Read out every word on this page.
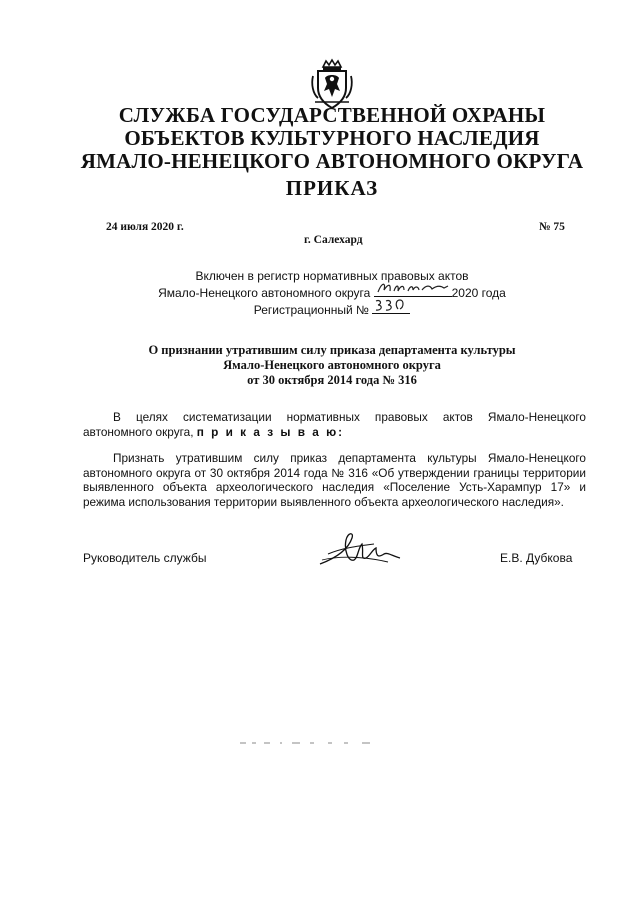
СЛУЖБА ГОСУДАРСТВЕННОЙ ОХРАНЫ
ОБЪЕКТОВ КУЛЬТУРНОГО НАСЛЕДИЯ
ЯМАЛО-НЕНЕЦКОГО АВТОНОМНОГО ОКРУГА
ПРИКАЗ
24 июля 2020 г.	№ 75
г. Салехард
Включен в регистр нормативных правовых актов
Ямало-Ненецкого автономного округа	2020 года
Регистрационный №
О признании утратившим силу приказа департамента культуры
Ямало-Ненецкого автономного округа
от 30 октября 2014 года № 316
В целях систематизации нормативных правовых актов Ямало-Ненецкого автономного округа, п р и к а з ы в а ю:
Признать утратившим силу приказ департамента культуры Ямало-Ненецкого автономного округа от 30 октября 2014 года № 316 «Об утверждении границы территории выявленного объекта археологического наследия «Поселение Усть-Харампур 17» и режима использования территории выявленного объекта археологического наследия».
Руководитель службы	Е.В. Дубкова
